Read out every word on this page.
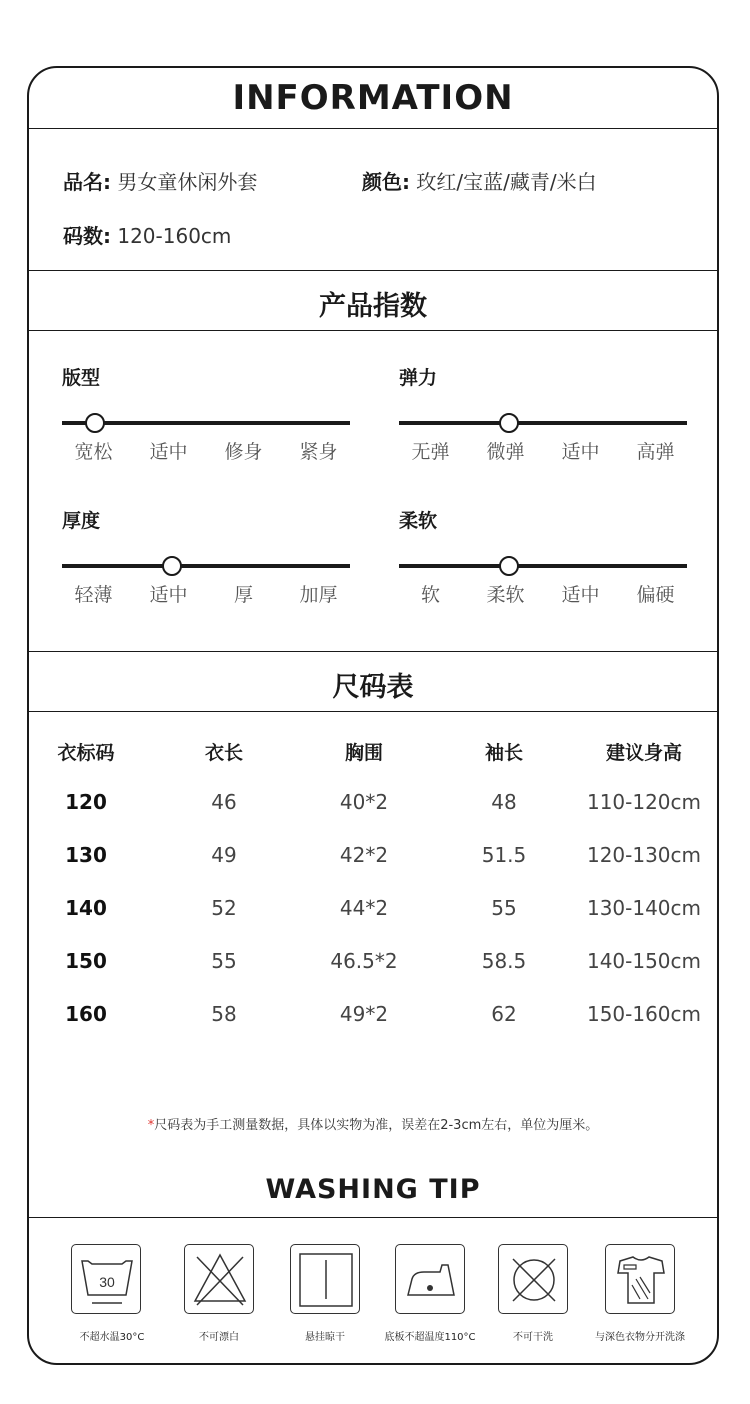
INFORMATION
品名: 男女童休闲外套	颜色: 玫红/宝蓝/藏青/米白
码数: 120-160cm
产品指数
版型
宽松	适中	修身	紧身
弹力
无弹	微弹	适中	高弹
厚度
轻薄	适中	厚	加厚
柔软
软	柔软	适中	偏硬
尺码表
衣标码	衣长	胸围	袖长	建议身高
120	46	40*2	48	110-120cm
130	49	42*2	51.5	120-130cm
140	52	44*2	55	130-140cm
150	55	46.5*2	58.5	140-150cm
160	58	49*2	62	150-160cm
*尺码表为手工测量数据，具体以实物为准，误差在2-3cm左右，单位为厘米。
WASHING TIP
30
不超水温30°C	不可漂白	悬挂晾干	底板不超温度110°C	不可干洗	与深色衣物分开洗涤
